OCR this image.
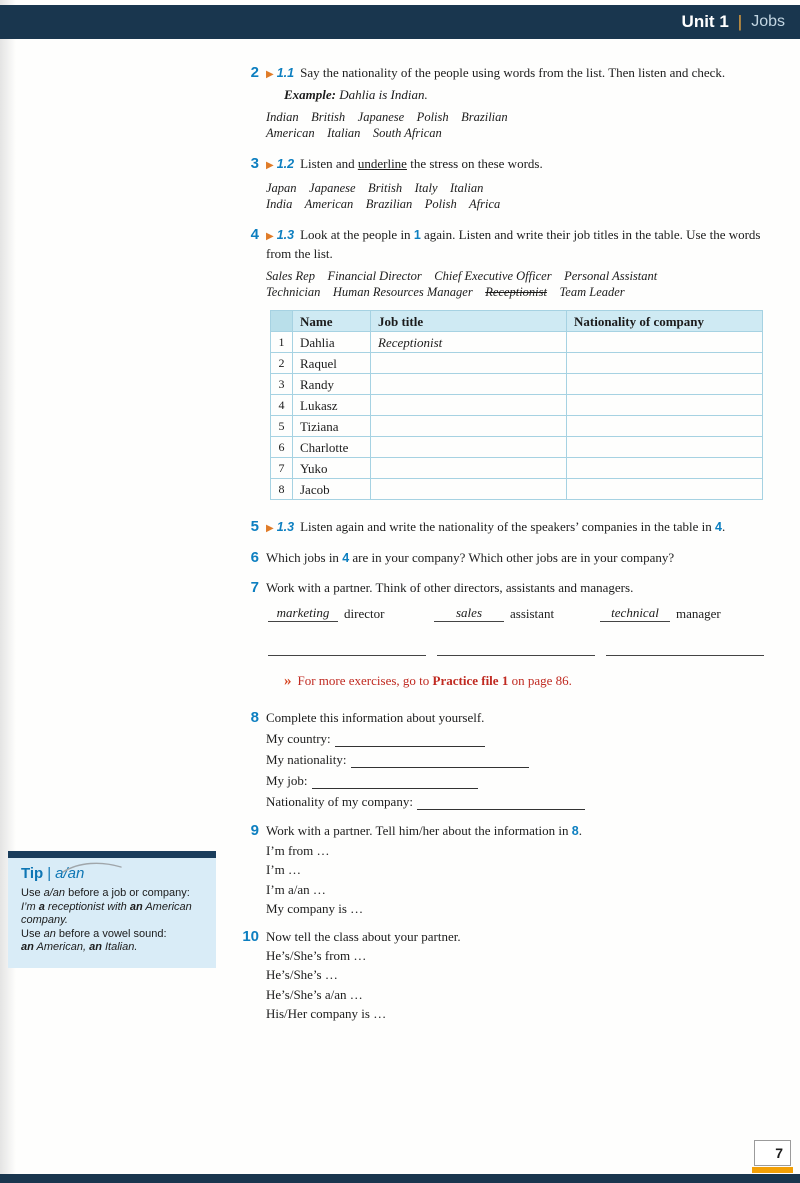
Unit 1 | Jobs
2 ▶ 1.1 Say the nationality of the people using words from the list. Then listen and check.
Example: Dahlia is Indian.
Indian    British    Japanese    Polish    Brazilian
American    Italian    South African
3 ▶ 1.2 Listen and underline the stress on these words.
Japan    Japanese    British    Italy    Italian
India    American    Brazilian    Polish    Africa
4 ▶ 1.3 Look at the people in 1 again. Listen and write their job titles in the table. Use the words from the list.
Sales Rep    Financial Director    Chief Executive Officer    Personal Assistant
Technician    Human Resources Manager    Receptionist    Team Leader
	Name	Job title	Nationality of company
1	Dahlia	Receptionist	
2	Raquel		
3	Randy		
4	Lukasz		
5	Tiziana		
6	Charlotte		
7	Yuko		
8	Jacob		
5 ▶ 1.3 Listen again and write the nationality of the speakers’ companies in the table in 4.
6 Which jobs in 4 are in your company? Which other jobs are in your company?
7 Work with a partner. Think of other directors, assistants and managers.
marketing	director	sales	assistant	technical	manager
» For more exercises, go to Practice file 1 on page 86.
8 Complete this information about yourself.
My country:
My nationality:
My job:
Nationality of my company:
9 Work with a partner. Tell him/her about the information in 8.
I’m from …
I’m …
I’m a/an …
My company is …
10 Now tell the class about your partner.
He’s/She’s from …
He’s/She’s …
He’s/She’s a/an …
His/Her company is …
Tip | a/an
Use a/an before a job or company:
I’m a receptionist with an American company.
Use an before a vowel sound:
an American, an Italian.
7
